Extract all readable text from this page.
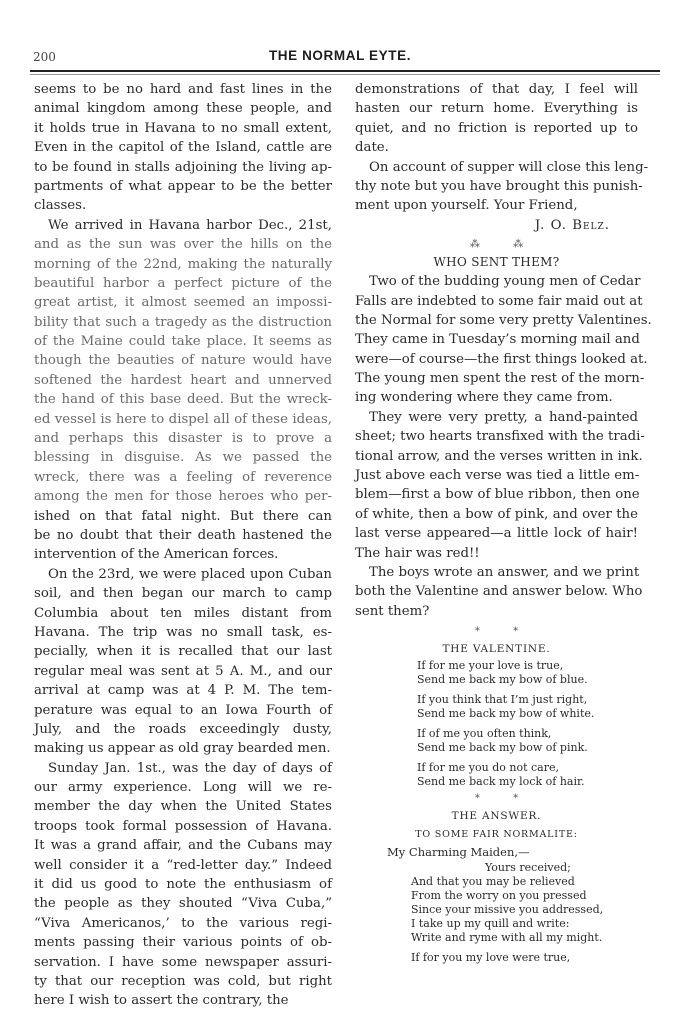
200	THE NORMAL EYTE.
seems to be no hard and fast lines in the
animal kingdom among these people, and
it holds true in Havana to no small extent,
Even in the capitol of the Island, cattle are
to be found in stalls adjoining the living ap-
partments of what appear to be the better
classes.
We arrived in Havana harbor Dec., 21st,
and as the sun was over the hills on the
morning of the 22nd, making the naturally
beautiful harbor a perfect picture of the
great artist, it almost seemed an impossi-
bility that such a tragedy as the distruction
of the Maine could take place. It seems as
though the beauties of nature would have
softened the hardest heart and unnerved
the hand of this base deed. But the wreck-
ed vessel is here to dispel all of these ideas,
and perhaps this disaster is to prove a
blessing in disguise. As we passed the
wreck, there was a feeling of reverence
among the men for those heroes who per-
ished on that fatal night. But there can
be no doubt that their death hastened the
intervention of the American forces.
On the 23rd, we were placed upon Cuban
soil, and then began our march to camp
Columbia about ten miles distant from
Havana. The trip was no small task, es-
pecially, when it is recalled that our last
regular meal was sent at 5 A. M., and our
arrival at camp was at 4 P. M. The tem-
perature was equal to an Iowa Fourth of
July, and the roads exceedingly dusty,
making us appear as old gray bearded men.
Sunday Jan. 1st., was the day of days of
our army experience. Long will we re-
member the day when the United States
troops took formal possession of Havana.
It was a grand affair, and the Cubans may
well consider it a “red-letter day.” Indeed
it did us good to note the enthusiasm of
the people as they shouted “Viva Cuba,”
“Viva Americanos,’ to the various regi-
ments passing their various points of ob-
servation. I have some newspaper assuri-
ty that our reception was cold, but right
here I wish to assert the contrary, the
demonstrations of that day, I feel will
hasten our return home. Everything is
quiet, and no friction is reported up to
date.
On account of supper will close this leng-
thy note but you have brought this punish-
ment upon yourself. Your Friend,
J. O. Belz.
⁂ ⁂
WHO SENT THEM?
Two of the budding young men of Cedar
Falls are indebted to some fair maid out at
the Normal for some very pretty Valentines.
They came in Tuesday’s morning mail and
were—of course—the first things looked at.
The young men spent the rest of the morn-
ing wondering where they came from.
They were very pretty, a hand-painted
sheet; two hearts transfixed with the tradi-
tional arrow, and the verses written in ink.
Just above each verse was tied a little em-
blem—first a bow of blue ribbon, then one
of white, then a bow of pink, and over the
last verse appeared—a little lock of hair!
The hair was red!!
The boys wrote an answer, and we print
both the Valentine and answer below. Who
sent them?
* *
THE VALENTINE.
If for me your love is true,
Send me back my bow of blue.
If you think that I’m just right,
Send me back my bow of white.
If of me you often think,
Send me back my bow of pink.
If for me you do not care,
Send me back my lock of hair.
* *
THE ANSWER.
TO SOME FAIR NORMALITE:
My Charming Maiden,—
Yours received;
And that you may be relieved
From the worry on you pressed
Since your missive you addressed,
I take up my quill and write:
Write and ryme with all my might.
If for you my love were true,
